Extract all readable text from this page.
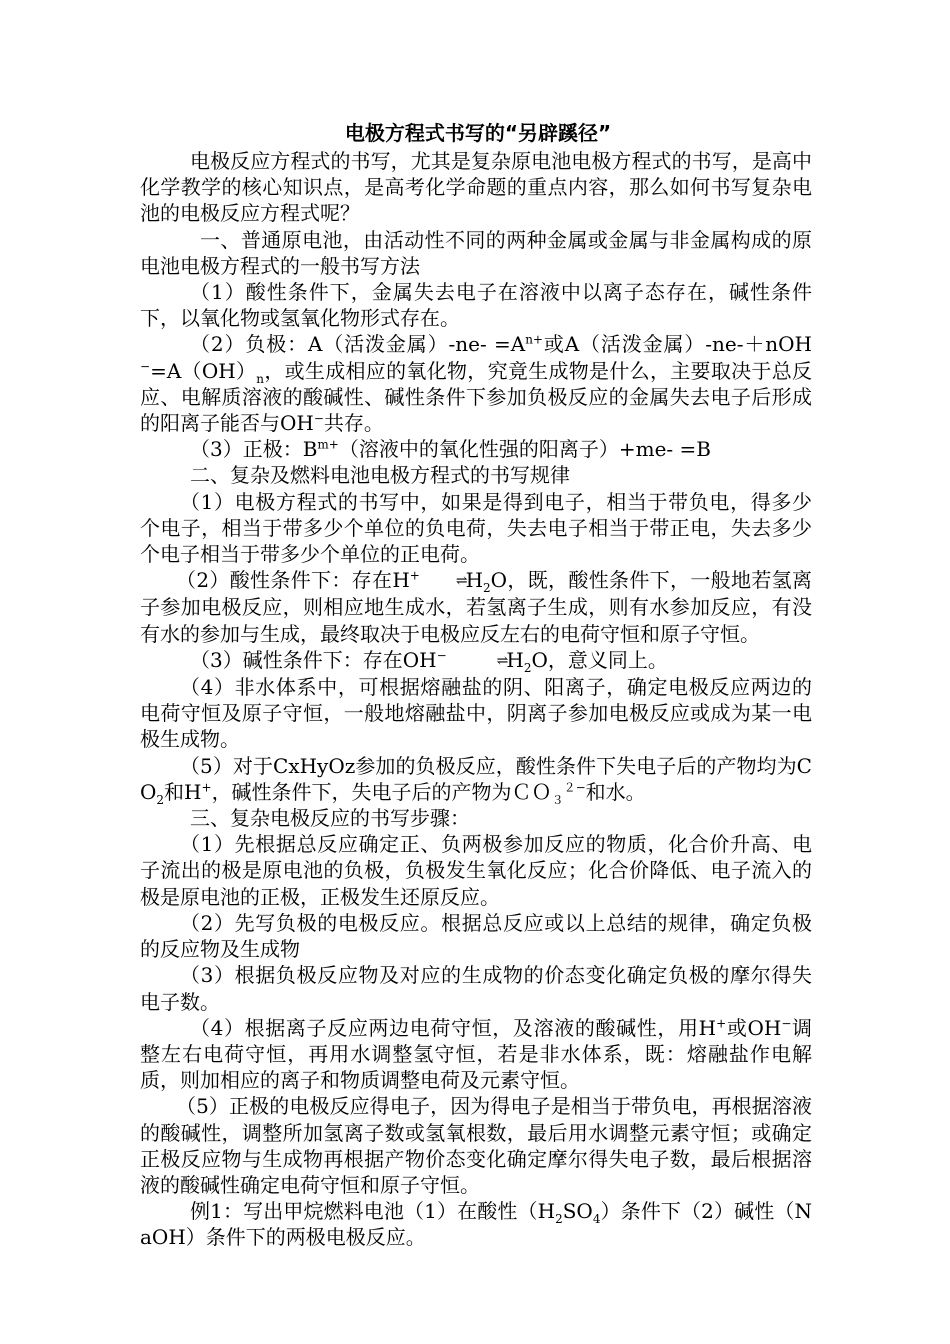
电极方程式书写的“另辟蹊径”

电极反应方程式的书写，尤其是复杂原电池电极方程式的书写，是高中化学教学的核心知识点，是高考化学命题的重点内容，那么如何书写复杂电池的电极反应方程式呢？

一、普通原电池，由活动性不同的两种金属或金属与非金属构成的原电池电极方程式的一般书写方法

（1）酸性条件下，金属失去电子在溶液中以离子态存在，碱性条件下，以氧化物或氢氧化物形式存在。

（2）负极：A（活泼金属）$-ne- =A^{n+}$或A（活泼金属）$-ne-+nOH^-=A(OH)_n$，或生成相应的氧化物，究竟生成物是什么，主要取决于总反应、电解质溶液的酸碱性、碱性条件下参加负极反应的金属失去电子后形成的阳离子能否与OH−共存。

（3）正极：$B^{m+}$（溶液中的氧化性强的阳离子）+me- =B

二、复杂及燃料电池电极方程式的书写规律

（1）电极方程式的书写中，如果是得到电子，相当于带负电，得多少个电子，相当于带多少个单位的负电荷，失去电子相当于带正电，失去多少个电子相当于带多少个单位的正电荷。

（2）酸性条件下：存在H+	$\rightleftharpoons H_2O$，既，酸性条件下，一般地若氢离子参加电极反应，则相应地生成水，若氢离子生成，则有水参加反应，有没有水的参加与生成，最终取决于电极应反左右的电荷守恒和原子守恒。

（3）碱性条件下：存在OH−	$\rightleftharpoons H_2O$，意义同上。

（4）非水体系中，可根据熔融盐的阴、阳离子，确定电极反应两边的电荷守恒及原子守恒，一般地熔融盐中，阴离子参加电极反应或成为某一电极生成物。

（5）对于CxHyOz参加的负极反应，酸性条件下失电子后的产物均为$CO_2$和H+，碱性条件下，失电子后的产物为ＣＯ$_3^{2-}$和水。

三、复杂电极反应的书写步骤：

（1）先根据总反应确定正、负两极参加反应的物质，化合价升高、电子流出的极是原电池的负极，负极发生氧化反应；化合价降低、电子流入的极是原电池的正极，正极发生还原反应。

（2）先写负极的电极反应。根据总反应或以上总结的规律，确定负极的反应物及生成物

（3）根据负极反应物及对应的生成物的价态变化确定负极的摩尔得失电子数。

（4）根据离子反应两边电荷守恒，及溶液的酸碱性，用H+或OH−调整左右电荷守恒，再用水调整氢守恒，若是非水体系，既：熔融盐作电解质，则加相应的离子和物质调整电荷及元素守恒。

（5）正极的电极反应得电子，因为得电子是相当于带负电，再根据溶液的酸碱性，调整所加氢离子数或氢氧根数，最后用水调整元素守恒；或确定正极反应物与生成物再根据产物价态变化确定摩尔得失电子数，最后根据溶液的酸碱性确定电荷守恒和原子守恒。

例1：写出甲烷燃料电池（1）在酸性$(H_2SO_4)$条件下（2）碱性（NaOH）条件下的两极电极反应。
